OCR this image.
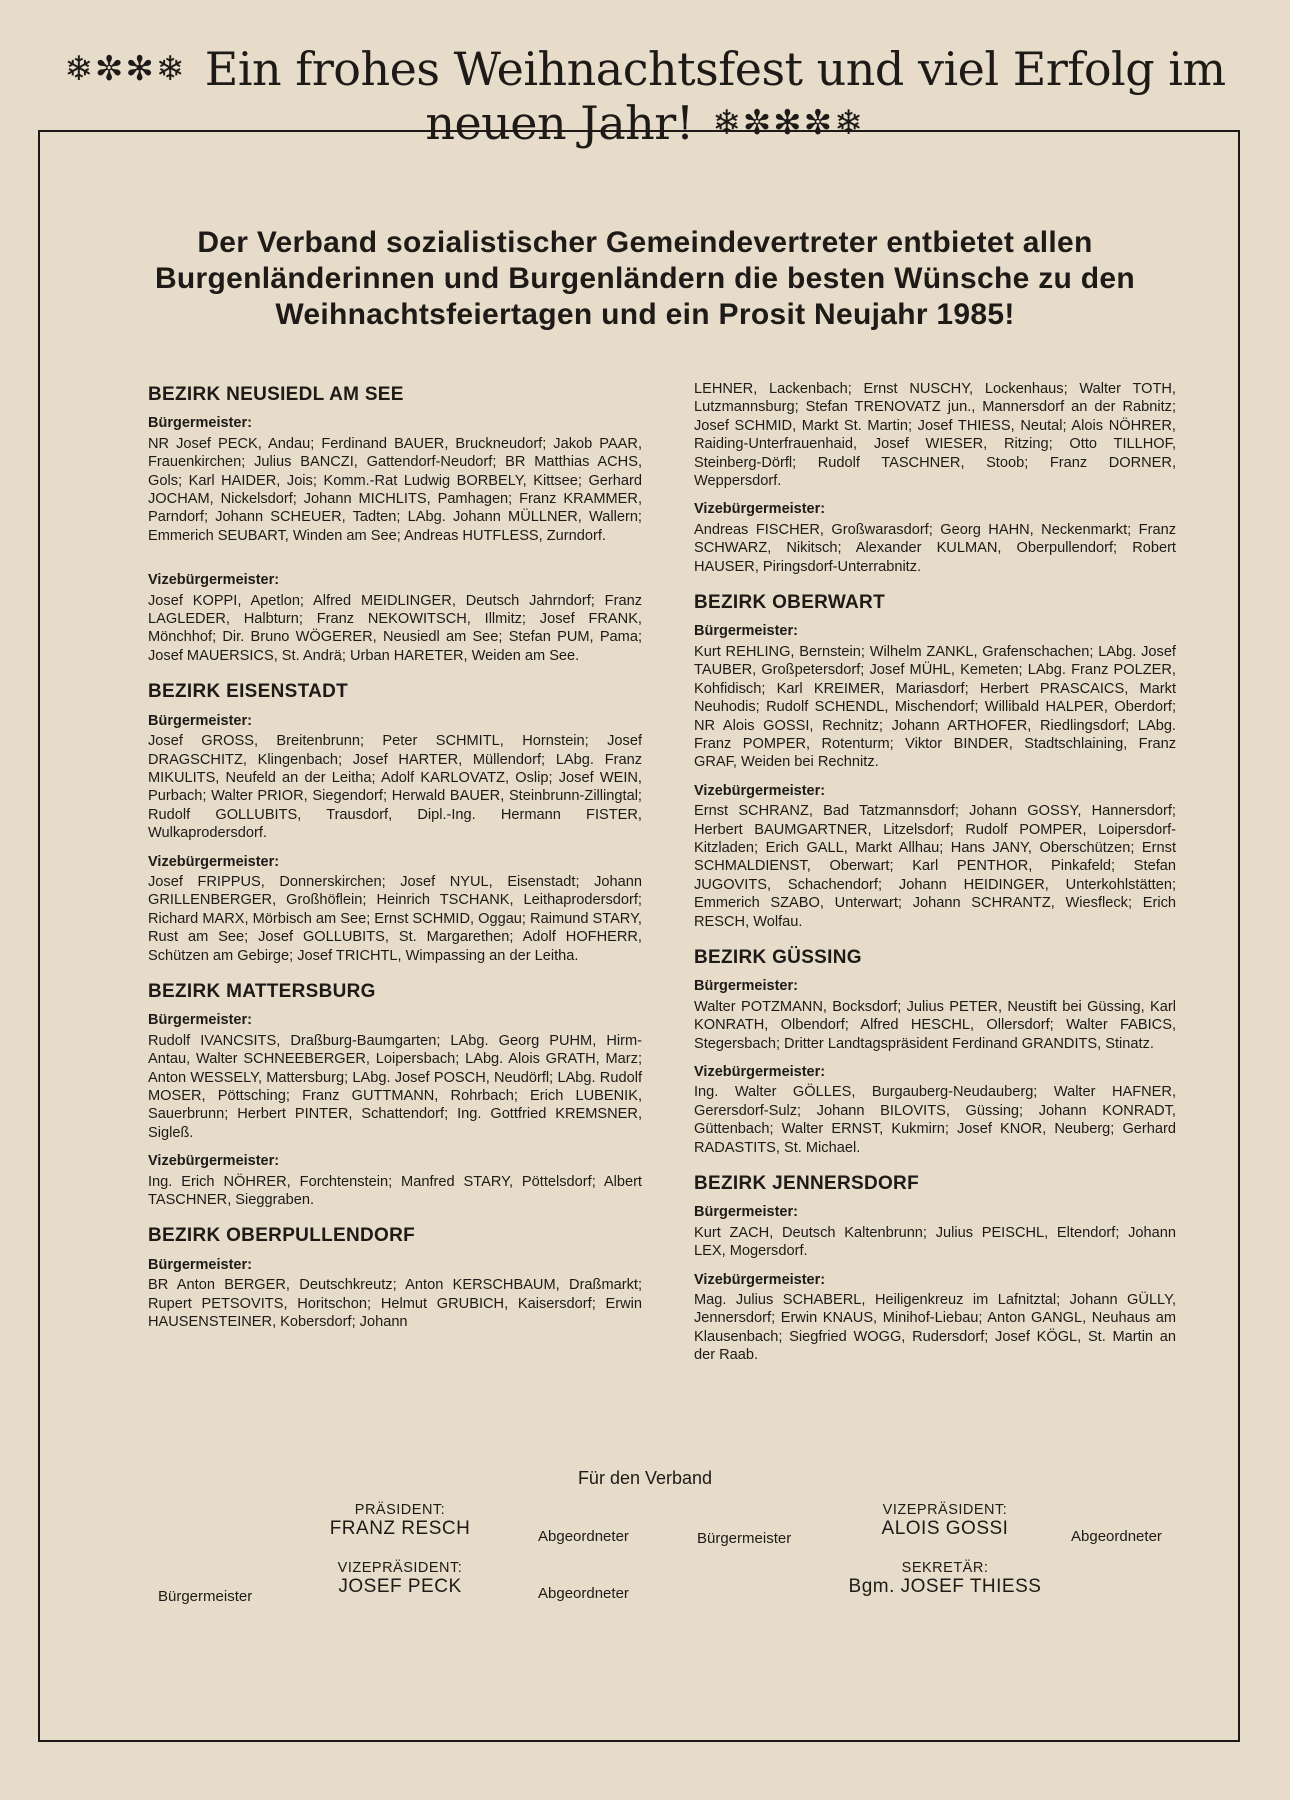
❄✼✻❄ Ein frohes Weihnachtsfest und viel Erfolg im neuen Jahr! ❄✼✻✼❄
Der Verband sozialistischer Gemeindevertreter entbietet allen Burgenländerinnen und Burgenländern die besten Wünsche zu den Weihnachtsfeiertagen und ein Prosit Neujahr 1985!
BEZIRK NEUSIEDL AM SEE
Bürgermeister:

NR Josef PECK, Andau; Ferdinand BAUER, Bruckneudorf; Jakob PAAR, Frauenkirchen; Julius BANCZI, Gattendorf-Neudorf; BR Matthias ACHS, Gols; Karl HAIDER, Jois; Komm.-Rat Ludwig BORBELY, Kittsee; Gerhard JOCHAM, Nickelsdorf; Johann MICHLITS, Pamhagen; Franz KRAMMER, Parndorf; Johann SCHEUER, Tadten; LAbg. Johann MÜLLNER, Wallern; Emmerich SEUBART, Winden am See; Andreas HUTFLESS, Zurndorf.

Vizebürgermeister:

Josef KOPPI, Apetlon; Alfred MEIDLINGER, Deutsch Jahrndorf; Franz LAGLEDER, Halbturn; Franz NEKOWITSCH, Illmitz; Josef FRANK, Mönchhof; Dir. Bruno WÖGERER, Neusiedl am See; Stefan PUM, Pama; Josef MAUERSICS, St. Andrä; Urban HARETER, Weiden am See.

BEZIRK EISENSTADT
Bürgermeister:

Josef GROSS, Breitenbrunn; Peter SCHMITL, Hornstein; Josef DRAGSCHITZ, Klingenbach; Josef HARTER, Müllendorf; LAbg. Franz MIKULITS, Neufeld an der Leitha; Adolf KARLOVATZ, Oslip; Josef WEIN, Purbach; Walter PRIOR, Siegendorf; Herwald BAUER, Steinbrunn-Zillingtal; Rudolf GOLLUBITS, Trausdorf, Dipl.-Ing. Hermann FISTER, Wulkaprodersdorf.

Vizebürgermeister:

Josef FRIPPUS, Donnerskirchen; Josef NYUL, Eisenstadt; Johann GRILLENBERGER, Großhöflein; Heinrich TSCHANK, Leithaprodersdorf; Richard MARX, Mörbisch am See; Ernst SCHMID, Oggau; Raimund STARY, Rust am See; Josef GOLLUBITS, St. Margarethen; Adolf HOFHERR, Schützen am Gebirge; Josef TRICHTL, Wimpassing an der Leitha.

BEZIRK MATTERSBURG
Bürgermeister:

Rudolf IVANCSITS, Draßburg-Baumgarten; LAbg. Georg PUHM, Hirm-Antau, Walter SCHNEEBERGER, Loipersbach; LAbg. Alois GRATH, Marz; Anton WESSELY, Mattersburg; LAbg. Josef POSCH, Neudörfl; LAbg. Rudolf MOSER, Pöttsching; Franz GUTTMANN, Rohrbach; Erich LUBENIK, Sauerbrunn; Herbert PINTER, Schattendorf; Ing. Gottfried KREMSNER, Sigleß.

Vizebürgermeister:

Ing. Erich NÖHRER, Forchtenstein; Manfred STARY, Pöttelsdorf; Albert TASCHNER, Sieggraben.

BEZIRK OBERPULLENDORF
Bürgermeister:

BR Anton BERGER, Deutschkreutz; Anton KERSCHBAUM, Draßmarkt; Rupert PETSOVITS, Horitschon; Helmut GRUBICH, Kaisersdorf; Erwin HAUSENSTEINER, Kobersdorf; Johann

LEHNER, Lackenbach; Ernst NUSCHY, Lockenhaus; Walter TOTH, Lutzmannsburg; Stefan TRENOVATZ jun., Mannersdorf an der Rabnitz; Josef SCHMID, Markt St. Martin; Josef THIESS, Neutal; Alois NÖHRER, Raiding-Unterfrauenhaid, Josef WIESER, Ritzing; Otto TILLHOF, Steinberg-Dörfl; Rudolf TASCHNER, Stoob; Franz DORNER, Weppersdorf.

Vizebürgermeister:

Andreas FISCHER, Großwarasdorf; Georg HAHN, Neckenmarkt; Franz SCHWARZ, Nikitsch; Alexander KULMAN, Oberpullendorf; Robert HAUSER, Piringsdorf-Unterrabnitz.

BEZIRK OBERWART
Bürgermeister:

Kurt REHLING, Bernstein; Wilhelm ZANKL, Grafenschachen; LAbg. Josef TAUBER, Großpetersdorf; Josef MÜHL, Kemeten; LAbg. Franz POLZER, Kohfidisch; Karl KREIMER, Mariasdorf; Herbert PRASCAICS, Markt Neuhodis; Rudolf SCHENDL, Mischendorf; Willibald HALPER, Oberdorf; NR Alois GOSSI, Rechnitz; Johann ARTHOFER, Riedlingsdorf; LAbg. Franz POMPER, Rotenturm; Viktor BINDER, Stadtschlaining, Franz GRAF, Weiden bei Rechnitz.

Vizebürgermeister:

Ernst SCHRANZ, Bad Tatzmannsdorf; Johann GOSSY, Hannersdorf; Herbert BAUMGARTNER, Litzelsdorf; Rudolf POMPER, Loipersdorf-Kitzladen; Erich GALL, Markt Allhau; Hans JANY, Oberschützen; Ernst SCHMALDIENST, Oberwart; Karl PENTHOR, Pinkafeld; Stefan JUGOVITS, Schachendorf; Johann HEIDINGER, Unterkohlstätten; Emmerich SZABO, Unterwart; Johann SCHRANTZ, Wiesfleck; Erich RESCH, Wolfau.

BEZIRK GÜSSING
Bürgermeister:

Walter POTZMANN, Bocksdorf; Julius PETER, Neustift bei Güssing, Karl KONRATH, Olbendorf; Alfred HESCHL, Ollersdorf; Walter FABICS, Stegersbach; Dritter Landtagspräsident Ferdinand GRANDITS, Stinatz.

Vizebürgermeister:

Ing. Walter GÖLLES, Burgauberg-Neudauberg; Walter HAFNER, Gerersdorf-Sulz; Johann BILOVITS, Güssing; Johann KONRADT, Güttenbach; Walter ERNST, Kukmirn; Josef KNOR, Neuberg; Gerhard RADASTITS, St. Michael.

BEZIRK JENNERSDORF
Bürgermeister:

Kurt ZACH, Deutsch Kaltenbrunn; Julius PEISCHL, Eltendorf; Johann LEX, Mogersdorf.

Vizebürgermeister:

Mag. Julius SCHABERL, Heiligenkreuz im Lafnitztal; Johann GÜLLY, Jennersdorf; Erwin KNAUS, Minihof-Liebau; Anton GANGL, Neuhaus am Klausenbach; Siegfried WOGG, Rudersdorf; Josef KÖGL, St. Martin an der Raab.

Für den Verband
PRÄSIDENT:
FRANZ RESCH	Abgeordneter
VIZEPRÄSIDENT:
JOSEF PECK
Bürgermeister	Abgeordneter
Bürgermeister
VIZEPRÄSIDENT:
ALOIS GOSSI	Abgeordneter
SEKRETÄR:
Bgm. JOSEF THIESS
